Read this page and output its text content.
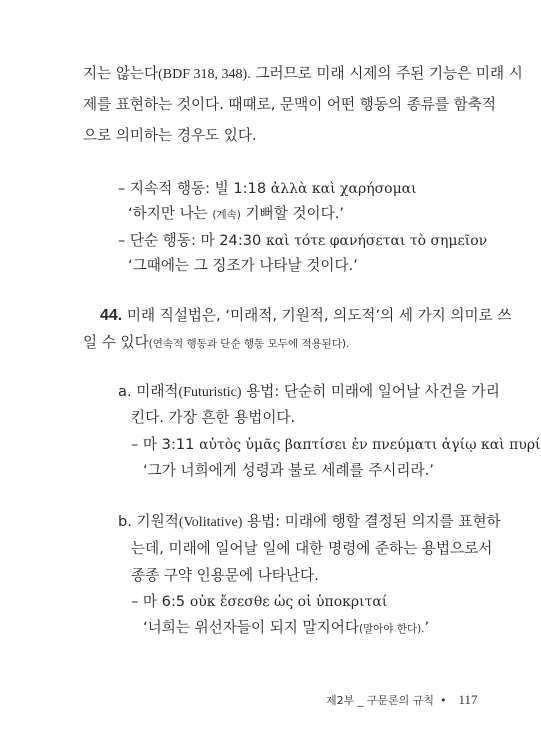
지는 않는다(BDF 318, 348). 그러므로 미래 시제의 주된 기능은 미래 시
제를 표현하는 것이다. 때때로, 문맥이 어떤 행동의 종류를 함축적
으로 의미하는 경우도 있다.
– 지속적 행동: 빌 1:18 ἀλλὰ καὶ χαρήσομαι
‘하지만 나는 (계속) 기뻐할 것이다.’
– 단순 행동: 마 24:30 καὶ τότε φανήσεται τὸ σημεῖον
‘그때에는 그 징조가 나타날 것이다.’
44. 미래 직설법은, ‘미래적, 기원적, 의도적’의 세 가지 의미로 쓰
일 수 있다(연속적 행동과 단순 행동 모두에 적용된다).
a. 미래적(Futuristic) 용법: 단순히 미래에 일어날 사건을 가리
킨다. 가장 흔한 용법이다.
– 마 3:11 αὐτὸς ὑμᾶς βαπτίσει ἐν πνεύματι ἁγίῳ καὶ πυρί
‘그가 너희에게 성령과 불로 세례를 주시리라.’
b. 기원적(Volitative) 용법: 미래에 행할 결정된 의지를 표현하
는데, 미래에 일어날 일에 대한 명령에 준하는 용법으로서
종종 구약 인용문에 나타난다.
– 마 6:5 οὐκ ἔσεσθε ὡς οἱ ὑποκριταί
‘너희는 위선자들이 되지 말지어다(말아야 한다).’
제2부 _ 구문론의 규칙 • 117
